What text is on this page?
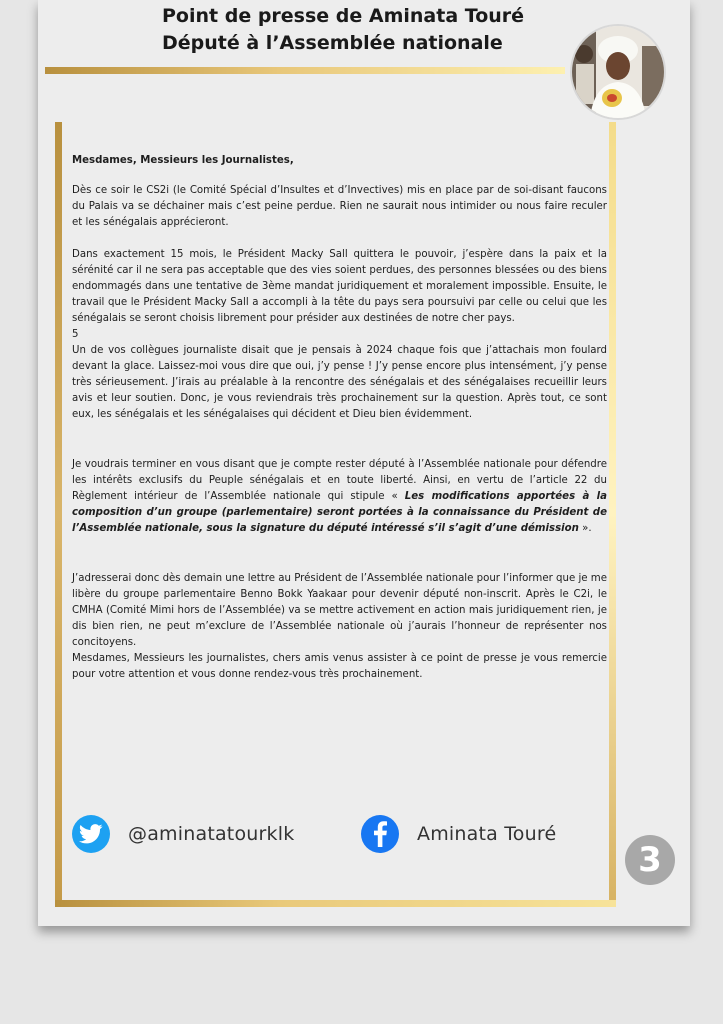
Point de presse de Aminata Touré
Député à l’Assemblée nationale

Mesdames, Messieurs les Journalistes,

Dès ce soir le CS2i (le Comité Spécial d’Insultes et d’Invectives) mis en place par de soi-disant faucons du Palais va se déchainer mais c’est peine perdue. Rien ne saurait nous intimider ou nous faire reculer et les sénégalais apprécieront.

Dans exactement 15 mois, le Président Macky Sall quittera le pouvoir, j’espère dans la paix et la sérénité car il ne sera pas acceptable que des vies soient perdues, des personnes blessées ou des biens endommagés dans une tentative de 3ème mandat juridiquement et moralement impossible. Ensuite, le travail que le Président Macky Sall a accompli à la tête du pays sera poursuivi par celle ou celui que les sénégalais se seront choisis librement pour présider aux destinées de notre cher pays.

5

Un de vos collègues journaliste disait que je pensais à 2024 chaque fois que j’attachais mon foulard devant la glace. Laissez-moi vous dire que oui, j’y pense ! J’y pense encore plus intensément, j’y pense très sérieusement. J’irais au préalable à la rencontre des sénégalais et des sénégalaises recueillir leurs avis et leur soutien. Donc, je vous reviendrais très prochainement sur la question. Après tout, ce sont eux, les sénégalais et les sénégalaises qui décident et Dieu bien évidemment.

Je voudrais terminer en vous disant que je compte rester député à l’Assemblée nationale pour défendre les intérêts exclusifs du Peuple sénégalais et en toute liberté. Ainsi, en vertu de l’article 22 du Règlement intérieur de l’Assemblée nationale qui stipule « Les modifications apportées à la composition d’un groupe (parlementaire) seront portées à la connaissance du Président de l’Assemblée nationale, sous la signature du député intéressé s’il s’agit d’une démission ».

J’adresserai donc dès demain une lettre au Président de l’Assemblée nationale pour l’informer que je me libère du groupe parlementaire Benno Bokk Yaakaar pour devenir député non-inscrit. Après le C2i, le CMHA (Comité Mimi hors de l’Assemblée) va se mettre activement en action mais juridiquement rien, je dis bien rien, ne peut m’exclure de l’Assemblée nationale où j’aurais l’honneur de représenter nos concitoyens.

Mesdames, Messieurs les journalistes, chers amis venus assister à ce point de presse je vous remercie pour votre attention et vous donne rendez-vous très prochainement.

@aminatatourklk	Aminata Touré
3
